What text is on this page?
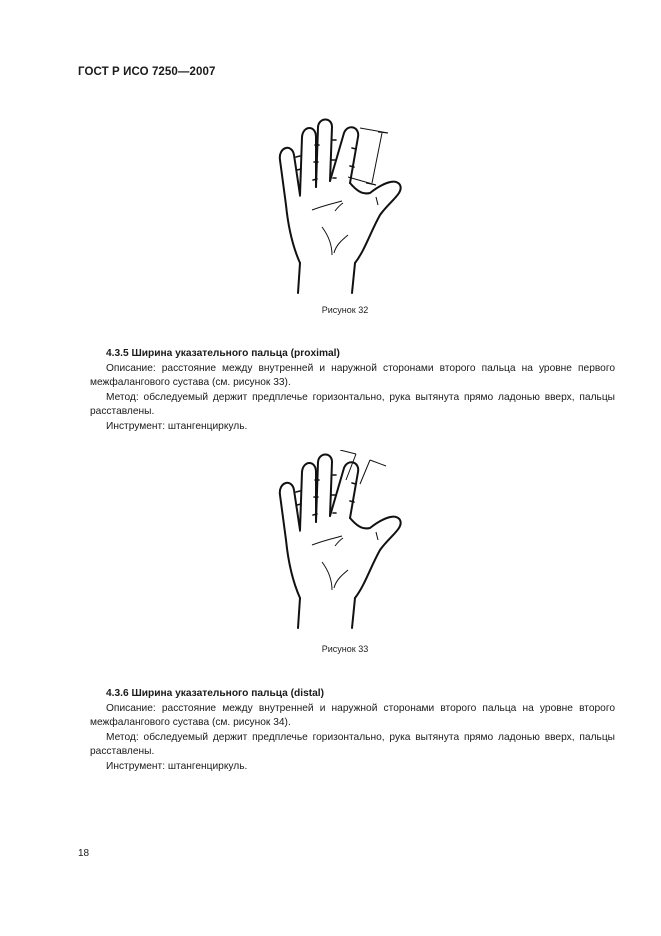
ГОСТ Р ИСО 7250—2007
Рисунок 32
4.3.5 Ширина указательного пальца (proximal)

Описание: расстояние между внутренней и наружной сторонами второго пальца на уровне первого межфалангового сустава (см. рисунок 33).

Метод: обследуемый держит предплечье горизонтально, рука вытянута прямо ладонью вверх, пальцы расставлены.

Инструмент: штангенциркуль.

Рисунок 33
4.3.6 Ширина указательного пальца (distal)

Описание: расстояние между внутренней и наружной сторонами второго пальца на уровне второго межфалангового сустава (см. рисунок 34).

Метод: обследуемый держит предплечье горизонтально, рука вытянута прямо ладонью вверх, пальцы расставлены.

Инструмент: штангенциркуль.

18
